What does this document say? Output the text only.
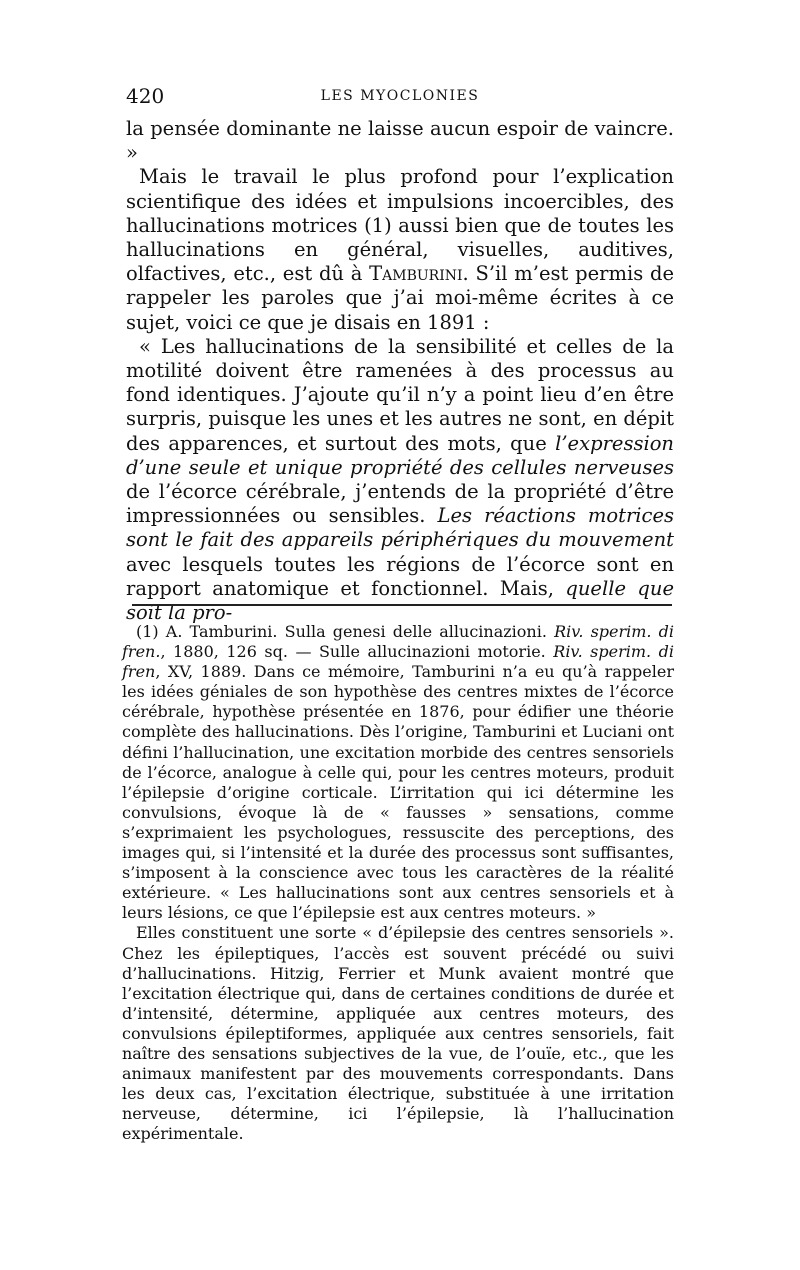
420	LES MYOCLONIES

la pensée dominante ne laisse aucun espoir de vaincre. »

Mais le travail le plus profond pour l’explication scientifique des idées et impulsions incoercibles, des hallucinations motrices (1) aussi bien que de toutes les hallucinations en général, visuelles, auditives, olfactives, etc., est dû à Tamburini. S’il m’est permis de rappeler les paroles que j’ai moi-même écrites à ce sujet, voici ce que je disais en 1891 :

« Les hallucinations de la sensibilité et celles de la motilité doivent être ramenées à des processus au fond identiques. J’ajoute qu’il n’y a point lieu d’en être surpris, puisque les unes et les autres ne sont, en dépit des apparences, et surtout des mots, que l’expression d’une seule et unique propriété des cellules nerveuses de l’écorce cérébrale, j’entends de la propriété d’être impressionnées ou sensibles. Les réactions motrices sont le fait des appareils périphériques du mouvement avec lesquels toutes les régions de l’écorce sont en rapport anatomique et fonctionnel. Mais, quelle que soit la pro-

(1) A. Tamburini. Sulla genesi delle allucinazioni. Riv. sperim. di fren., 1880, 126 sq. — Sulle allucinazioni motorie. Riv. sperim. di fren, XV, 1889. Dans ce mémoire, Tamburini n’a eu qu’à rappeler les idées géniales de son hypothèse des centres mixtes de l’écorce cérébrale, hypothèse présentée en 1876, pour édifier une théorie complète des hallucinations. Dès l’origine, Tamburini et Luciani ont défini l’hallucination, une excitation morbide des centres sensoriels de l’écorce, analogue à celle qui, pour les centres moteurs, produit l’épilepsie d’origine corticale. L’irritation qui ici détermine les convulsions, évoque là de « fausses » sensations, comme s’exprimaient les psychologues, ressuscite des perceptions, des images qui, si l’intensité et la durée des processus sont suffisantes, s’imposent à la conscience avec tous les caractères de la réalité extérieure. « Les hallucinations sont aux centres sensoriels et à leurs lésions, ce que l’épilepsie est aux centres moteurs. »

Elles constituent une sorte « d’épilepsie des centres sensoriels ». Chez les épileptiques, l’accès est souvent précédé ou suivi d’hallucinations. Hitzig, Ferrier et Munk avaient montré que l’excitation électrique qui, dans de certaines conditions de durée et d’intensité, détermine, appliquée aux centres moteurs, des convulsions épileptiformes, appliquée aux centres sensoriels, fait naître des sensations subjectives de la vue, de l’ouïe, etc., que les animaux manifestent par des mouvements correspondants. Dans les deux cas, l’excitation électrique, substituée à une irritation nerveuse, détermine, ici l’épilepsie, là l’hallucination expérimentale.
